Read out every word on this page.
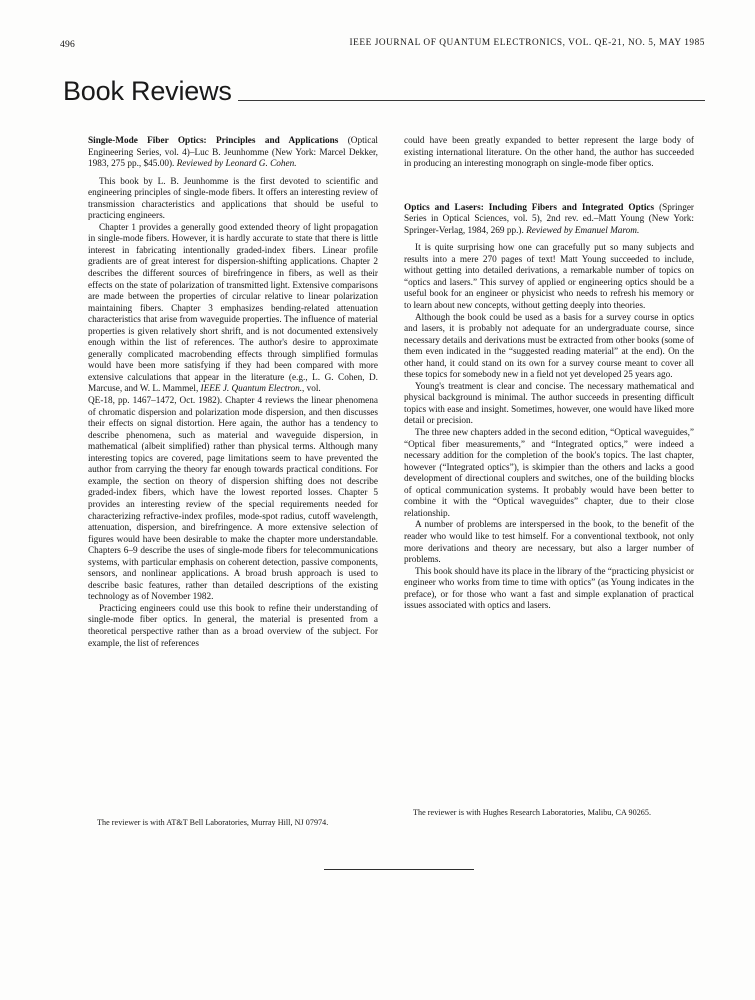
496	IEEE JOURNAL OF QUANTUM ELECTRONICS, VOL. QE-21, NO. 5, MAY 1985
Book Reviews

Single-Mode Fiber Optics: Principles and Applications (Optical Engineering Series, vol. 4)–Luc B. Jeunhomme (New York: Marcel Dekker, 1983, 275 pp., $45.00). Reviewed by Leonard G. Cohen.

This book by L. B. Jeunhomme is the first devoted to scientific and engineering principles of single-mode fibers. It offers an interesting review of transmission characteristics and applications that should be useful to practicing engineers.

Chapter 1 provides a generally good extended theory of light propagation in single-mode fibers. However, it is hardly accurate to state that there is little interest in fabricating intentionally graded-index fibers. Linear profile gradients are of great interest for dispersion-shifting applications. Chapter 2 describes the different sources of birefringence in fibers, as well as their effects on the state of polarization of transmitted light. Extensive comparisons are made between the properties of circular relative to linear polarization maintaining fibers. Chapter 3 emphasizes bending-related attenuation characteristics that arise from waveguide properties. The influence of material properties is given relatively short shrift, and is not documented extensively enough within the list of references. The author's desire to approximate generally complicated macrobending effects through simplified formulas would have been more satisfying if they had been compared with more extensive calculations that appear in the literature (e.g., L. G. Cohen, D. Marcuse, and W. L. Mammel, IEEE J. Quantum Electron., vol.

QE-18, pp. 1467–1472, Oct. 1982). Chapter 4 reviews the linear phenomena of chromatic dispersion and polarization mode dispersion, and then discusses their effects on signal distortion. Here again, the author has a tendency to describe phenomena, such as material and waveguide dispersion, in mathematical (albeit simplified) rather than physical terms. Although many interesting topics are covered, page limitations seem to have prevented the author from carrying the theory far enough towards practical conditions. For example, the section on theory of dispersion shifting does not describe graded-index fibers, which have the lowest reported losses. Chapter 5 provides an interesting review of the special requirements needed for characterizing refractive-index profiles, mode-spot radius, cutoff wavelength, attenuation, dispersion, and birefringence. A more extensive selection of figures would have been desirable to make the chapter more understandable. Chapters 6–9 describe the uses of single-mode fibers for telecommunications systems, with particular emphasis on coherent detection, passive components, sensors, and nonlinear applications. A broad brush approach is used to describe basic features, rather than detailed descriptions of the existing technology as of November 1982.

Practicing engineers could use this book to refine their understanding of single-mode fiber optics. In general, the material is presented from a theoretical perspective rather than as a broad overview of the subject. For example, the list of references

could have been greatly expanded to better represent the large body of existing international literature. On the other hand, the author has succeeded in producing an interesting monograph on single-mode fiber optics.

Optics and Lasers: Including Fibers and Integrated Optics (Springer Series in Optical Sciences, vol. 5), 2nd rev. ed.–Matt Young (New York: Springer-Verlag, 1984, 269 pp.). Reviewed by Emanuel Marom.

It is quite surprising how one can gracefully put so many subjects and results into a mere 270 pages of text! Matt Young succeeded to include, without getting into detailed derivations, a remarkable number of topics on “optics and lasers.” This survey of applied or engineering optics should be a useful book for an engineer or physicist who needs to refresh his memory or to learn about new concepts, without getting deeply into theories.

Although the book could be used as a basis for a survey course in optics and lasers, it is probably not adequate for an undergraduate course, since necessary details and derivations must be extracted from other books (some of them even indicated in the “suggested reading material” at the end). On the other hand, it could stand on its own for a survey course meant to cover all these topics for somebody new in a field not yet developed 25 years ago.

Young's treatment is clear and concise. The necessary mathematical and physical background is minimal. The author succeeds in presenting difficult topics with ease and insight. Sometimes, however, one would have liked more detail or precision.

The three new chapters added in the second edition, “Optical waveguides,” “Optical fiber measurements,” and “Integrated optics,” were indeed a necessary addition for the completion of the book's topics. The last chapter, however (“Integrated optics”), is skimpier than the others and lacks a good development of directional couplers and switches, one of the building blocks of optical communication systems. It probably would have been better to combine it with the “Optical waveguides” chapter, due to their close relationship.

A number of problems are interspersed in the book, to the benefit of the reader who would like to test himself. For a conventional textbook, not only more derivations and theory are necessary, but also a larger number of problems.

This book should have its place in the library of the “practicing physicist or engineer who works from time to time with optics” (as Young indicates in the preface), or for those who want a fast and simple explanation of practical issues associated with optics and lasers.

The reviewer is with AT&T Bell Laboratories, Murray Hill, NJ 07974.
The reviewer is with Hughes Research Laboratories, Malibu, CA 90265.
